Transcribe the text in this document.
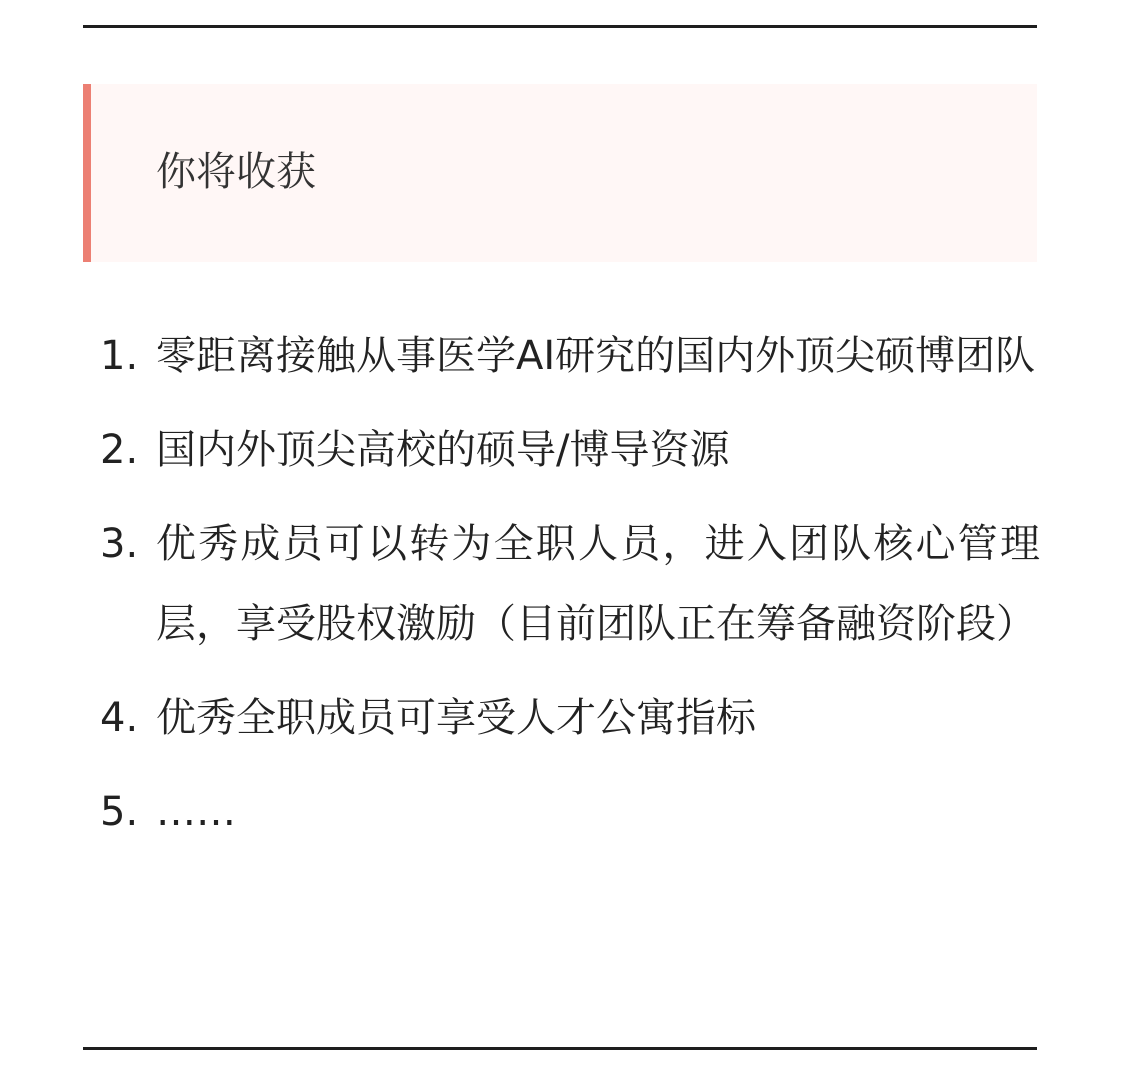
你将收获
1. 零距离接触从事医学AI研究的国内外顶尖硕博团队
2. 国内外顶尖高校的硕导/博导资源
3. 优秀成员可以转为全职人员，进入团队核心管理层，享受股权激励（目前团队正在筹备融资阶段）
4. 优秀全职成员可享受人才公寓指标
5. ……
